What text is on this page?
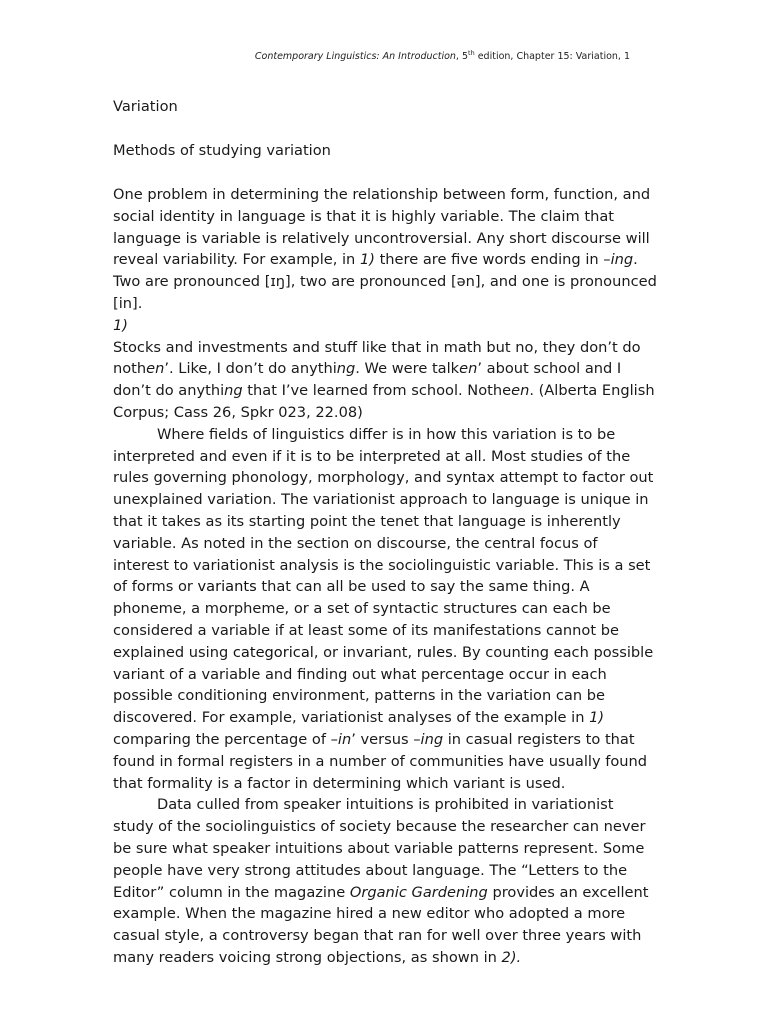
Contemporary Linguistics: An Introduction, 5th edition, Chapter 15: Variation, 1
Variation
Methods of studying variation

One problem in determining the relationship between form, function, and social identity in language is that it is highly variable. The claim that language is variable is relatively uncontroversial. Any short discourse will reveal variability. For example, in 1) there are five words ending in –ing. Two are pronounced [ɪŋ], two are pronounced [ən], and one is pronounced [in].

1)

Stocks and investments and stuff like that in math but no, they don’t do nothen’. Like, I don’t do anything. We were talken’ about school and I don’t do anything that I’ve learned from school. Notheen. (Alberta English Corpus; Cass 26, Spkr 023, 22.08)

Where fields of linguistics differ is in how this variation is to be interpreted and even if it is to be interpreted at all. Most studies of the rules governing phonology, morphology, and syntax attempt to factor out unexplained variation. The variationist approach to language is unique in that it takes as its starting point the tenet that language is inherently variable. As noted in the section on discourse, the central focus of interest to variationist analysis is the sociolinguistic variable. This is a set of forms or variants that can all be used to say the same thing. A phoneme, a morpheme, or a set of syntactic structures can each be considered a variable if at least some of its manifestations cannot be explained using categorical, or invariant, rules. By counting each possible variant of a variable and finding out what percentage occur in each possible conditioning environment, patterns in the variation can be discovered. For example, variationist analyses of the example in 1) comparing the percentage of –in’ versus –ing in casual registers to that found in formal registers in a number of communities have usually found that formality is a factor in determining which variant is used.

Data culled from speaker intuitions is prohibited in variationist study of the sociolinguistics of society because the researcher can never be sure what speaker intuitions about variable patterns represent. Some people have very strong attitudes about language. The “Letters to the Editor” column in the magazine Organic Gardening provides an excellent example. When the magazine hired a new editor who adopted a more casual style, a controversy began that ran for well over three years with many readers voicing strong objections, as shown in 2).
